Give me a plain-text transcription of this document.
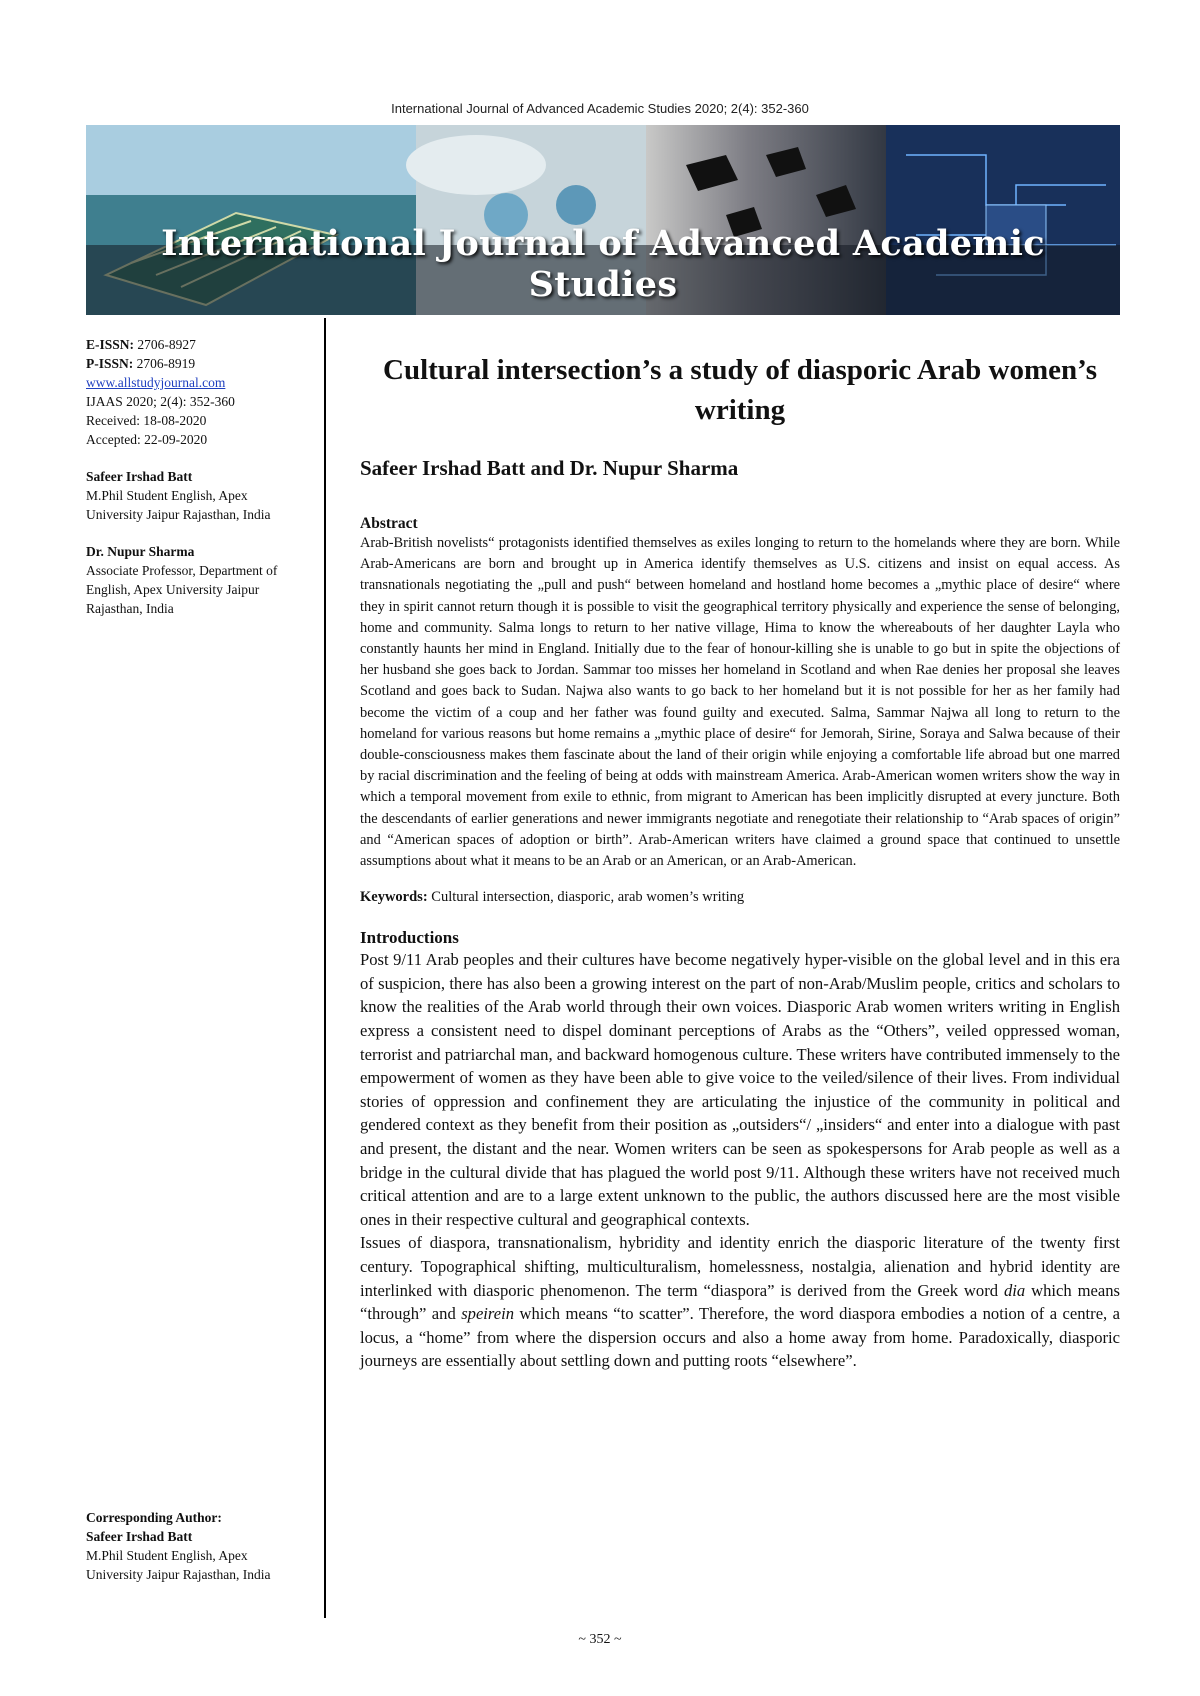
International Journal of Advanced Academic Studies 2020; 2(4): 352-360
International Journal of Advanced Academic Studies
E-ISSN: 2706-8927
P-ISSN: 2706-8919
www.allstudyjournal.com
IJAAS 2020; 2(4): 352-360
Received: 18-08-2020
Accepted: 22-09-2020
Safeer Irshad Batt
M.Phil Student English, Apex University Jaipur Rajasthan, India
Dr. Nupur Sharma
Associate Professor, Department of English, Apex University Jaipur Rajasthan, India
Corresponding Author:
Safeer Irshad Batt
M.Phil Student English, Apex University Jaipur Rajasthan, India
Cultural intersection’s a study of diasporic Arab women’s writing
Safeer Irshad Batt and Dr. Nupur Sharma
Abstract

Arab-British novelists“ protagonists identified themselves as exiles longing to return to the homelands where they are born. While Arab-Americans are born and brought up in America identify themselves as U.S. citizens and insist on equal access. As transnationals negotiating the „pull and push“ between homeland and hostland home becomes a „mythic place of desire“ where they in spirit cannot return though it is possible to visit the geographical territory physically and experience the sense of belonging, home and community. Salma longs to return to her native village, Hima to know the whereabouts of her daughter Layla who constantly haunts her mind in England. Initially due to the fear of honour-killing she is unable to go but in spite the objections of her husband she goes back to Jordan. Sammar too misses her homeland in Scotland and when Rae denies her proposal she leaves Scotland and goes back to Sudan. Najwa also wants to go back to her homeland but it is not possible for her as her family had become the victim of a coup and her father was found guilty and executed. Salma, Sammar Najwa all long to return to the homeland for various reasons but home remains a „mythic place of desire“ for Jemorah, Sirine, Soraya and Salwa because of their double-consciousness makes them fascinate about the land of their origin while enjoying a comfortable life abroad but one marred by racial discrimination and the feeling of being at odds with mainstream America. Arab-American women writers show the way in which a temporal movement from exile to ethnic, from migrant to American has been implicitly disrupted at every juncture. Both the descendants of earlier generations and newer immigrants negotiate and renegotiate their relationship to “Arab spaces of origin” and “American spaces of adoption or birth”. Arab-American writers have claimed a ground space that continued to unsettle assumptions about what it means to be an Arab or an American, or an Arab-American.

Keywords: Cultural intersection, diasporic, arab women’s writing
Introductions

Post 9/11 Arab peoples and their cultures have become negatively hyper-visible on the global level and in this era of suspicion, there has also been a growing interest on the part of non-Arab/Muslim people, critics and scholars to know the realities of the Arab world through their own voices. Diasporic Arab women writers writing in English express a consistent need to dispel dominant perceptions of Arabs as the “Others”, veiled oppressed woman, terrorist and patriarchal man, and backward homogenous culture. These writers have contributed immensely to the empowerment of women as they have been able to give voice to the veiled/silence of their lives. From individual stories of oppression and confinement they are articulating the injustice of the community in political and gendered context as they benefit from their position as „outsiders“/ „insiders“ and enter into a dialogue with past and present, the distant and the near. Women writers can be seen as spokespersons for Arab people as well as a bridge in the cultural divide that has plagued the world post 9/11. Although these writers have not received much critical attention and are to a large extent unknown to the public, the authors discussed here are the most visible ones in their respective cultural and geographical contexts.

Issues of diaspora, transnationalism, hybridity and identity enrich the diasporic literature of the twenty first century. Topographical shifting, multiculturalism, homelessness, nostalgia, alienation and hybrid identity are interlinked with diasporic phenomenon. The term “diaspora” is derived from the Greek word dia which means “through” and speirein which means “to scatter”. Therefore, the word diaspora embodies a notion of a centre, a locus, a “home” from where the dispersion occurs and also a home away from home. Paradoxically, diasporic journeys are essentially about settling down and putting roots “elsewhere”.

~ 352 ~
